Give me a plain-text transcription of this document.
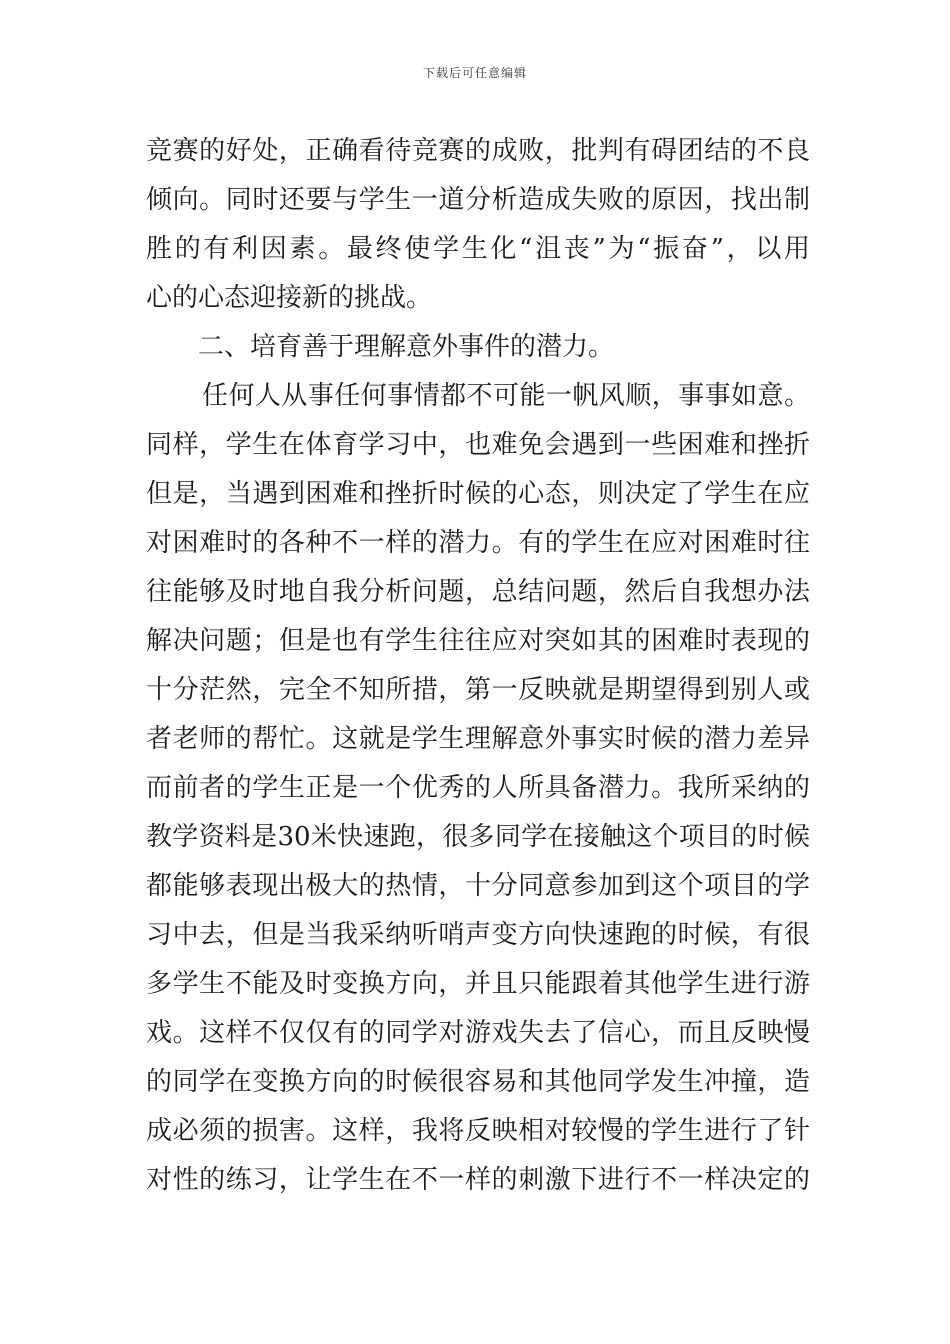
下载后可任意编辑
竞赛的好处，正确看待竞赛的成败，批判有碍团结的不良
倾向。同时还要与学生一道分析造成失败的原因，找出制
胜的有利因素。最终使学生化“沮丧”为“振奋”，以用
心的心态迎接新的挑战。
二、培育善于理解意外事件的潜力。
任何人从事任何事情都不可能一帆风顺，事事如意。
同样，学生在体育学习中，也难免会遇到一些困难和挫折
但是，当遇到困难和挫折时候的心态，则决定了学生在应
对困难时的各种不一样的潜力。有的学生在应对困难时往
往能够及时地自我分析问题，总结问题，然后自我想办法
解决问题；但是也有学生往往应对突如其的困难时表现的
十分茫然，完全不知所措，第一反映就是期望得到别人或
者老师的帮忙。这就是学生理解意外事实时候的潜力差异
而前者的学生正是一个优秀的人所具备潜力。我所采纳的
教学资料是30米快速跑，很多同学在接触这个项目的时候
都能够表现出极大的热情，十分同意参加到这个项目的学
习中去，但是当我采纳听哨声变方向快速跑的时候，有很
多学生不能及时变换方向，并且只能跟着其他学生进行游
戏。这样不仅仅有的同学对游戏失去了信心，而且反映慢
的同学在变换方向的时候很容易和其他同学发生冲撞，造
成必须的损害。这样，我将反映相对较慢的学生进行了针
对性的练习，让学生在不一样的刺激下进行不一样决定的
